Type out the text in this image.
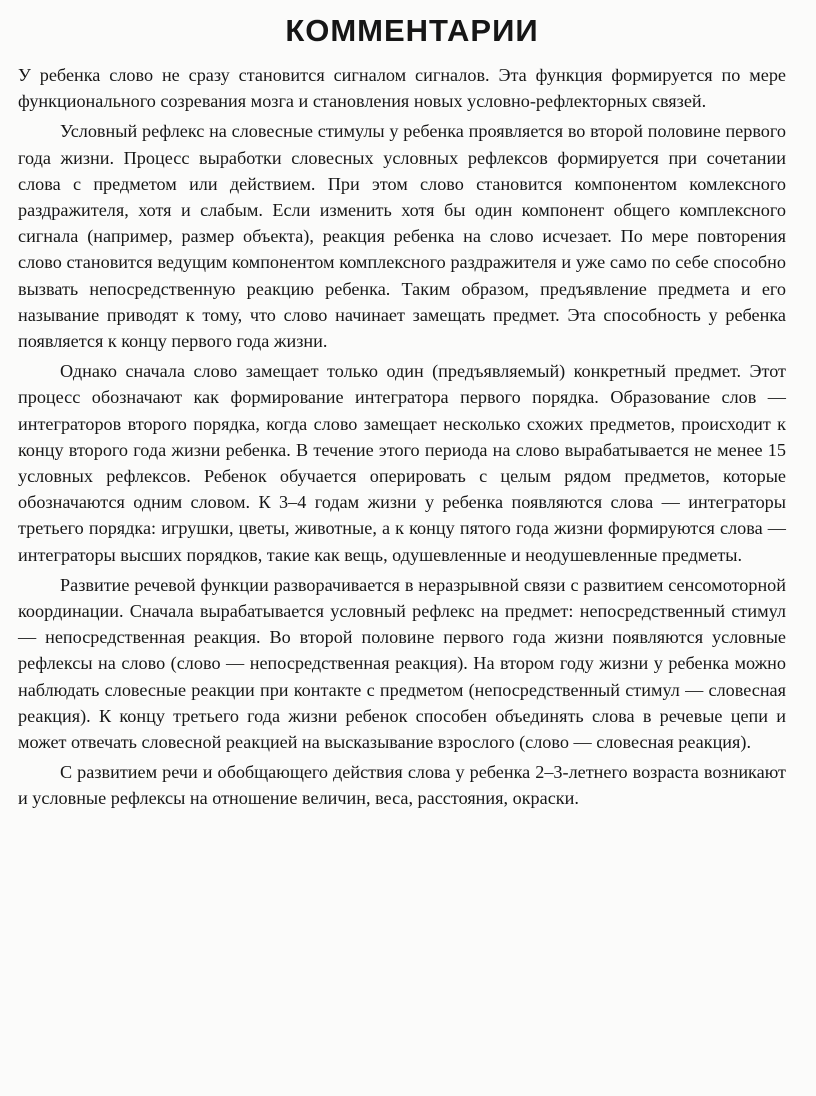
КОММЕНТАРИИ

У ребенка слово не сразу становится сигналом сигналов. Эта функция формируется по мере функционального созревания мозга и становления новых условно-рефлекторных связей.

Условный рефлекс на словесные стимулы у ребенка проявляется во второй половине первого года жизни. Процесс выработки словесных условных рефлексов формируется при сочетании слова с предметом или действием. При этом слово становится компонентом комлексного раздражителя, хотя и слабым. Если изменить хотя бы один компонент общего комплексного сигнала (например, размер объекта), реакция ребенка на слово исчезает. По мере повторения слово становится ведущим компонентом комплексного раздражителя и уже само по себе способно вызвать непосредственную реакцию ребенка. Таким образом, предъявление предмета и его называние приводят к тому, что слово начинает замещать предмет. Эта способность у ребенка появляется к концу первого года жизни.

Однако сначала слово замещает только один (предъявляемый) конкретный предмет. Этот процесс обозначают как формирование интегратора первого порядка. Образование слов — интеграторов второго порядка, когда слово замещает несколько схожих предметов, происходит к концу второго года жизни ребенка. В течение этого периода на слово вырабатывается не менее 15 условных рефлексов. Ребенок обучается оперировать с целым рядом предметов, которые обозначаются одним словом. К 3–4 годам жизни у ребенка появляются слова — интеграторы третьего порядка: игрушки, цветы, животные, а к концу пятого года жизни формируются слова — интеграторы высших порядков, такие как вещь, одушевленные и неодушевленные предметы.

Развитие речевой функции разворачивается в неразрывной связи с развитием сенсомоторной координации. Сначала вырабатывается условный рефлекс на предмет: непосредственный стимул — непосредственная реакция. Во второй половине первого года жизни появляются условные рефлексы на слово (слово — непосредственная реакция). На втором году жизни у ребенка можно наблюдать словесные реакции при контакте с предметом (непосредственный стимул — словесная реакция). К концу третьего года жизни ребенок способен объединять слова в речевые цепи и может отвечать словесной реакцией на высказывание взрослого (слово — словесная реакция).

С развитием речи и обобщающего действия слова у ребенка 2–3-летнего возраста возникают и условные рефлексы на отношение величин, веса, расстояния, окраски.
